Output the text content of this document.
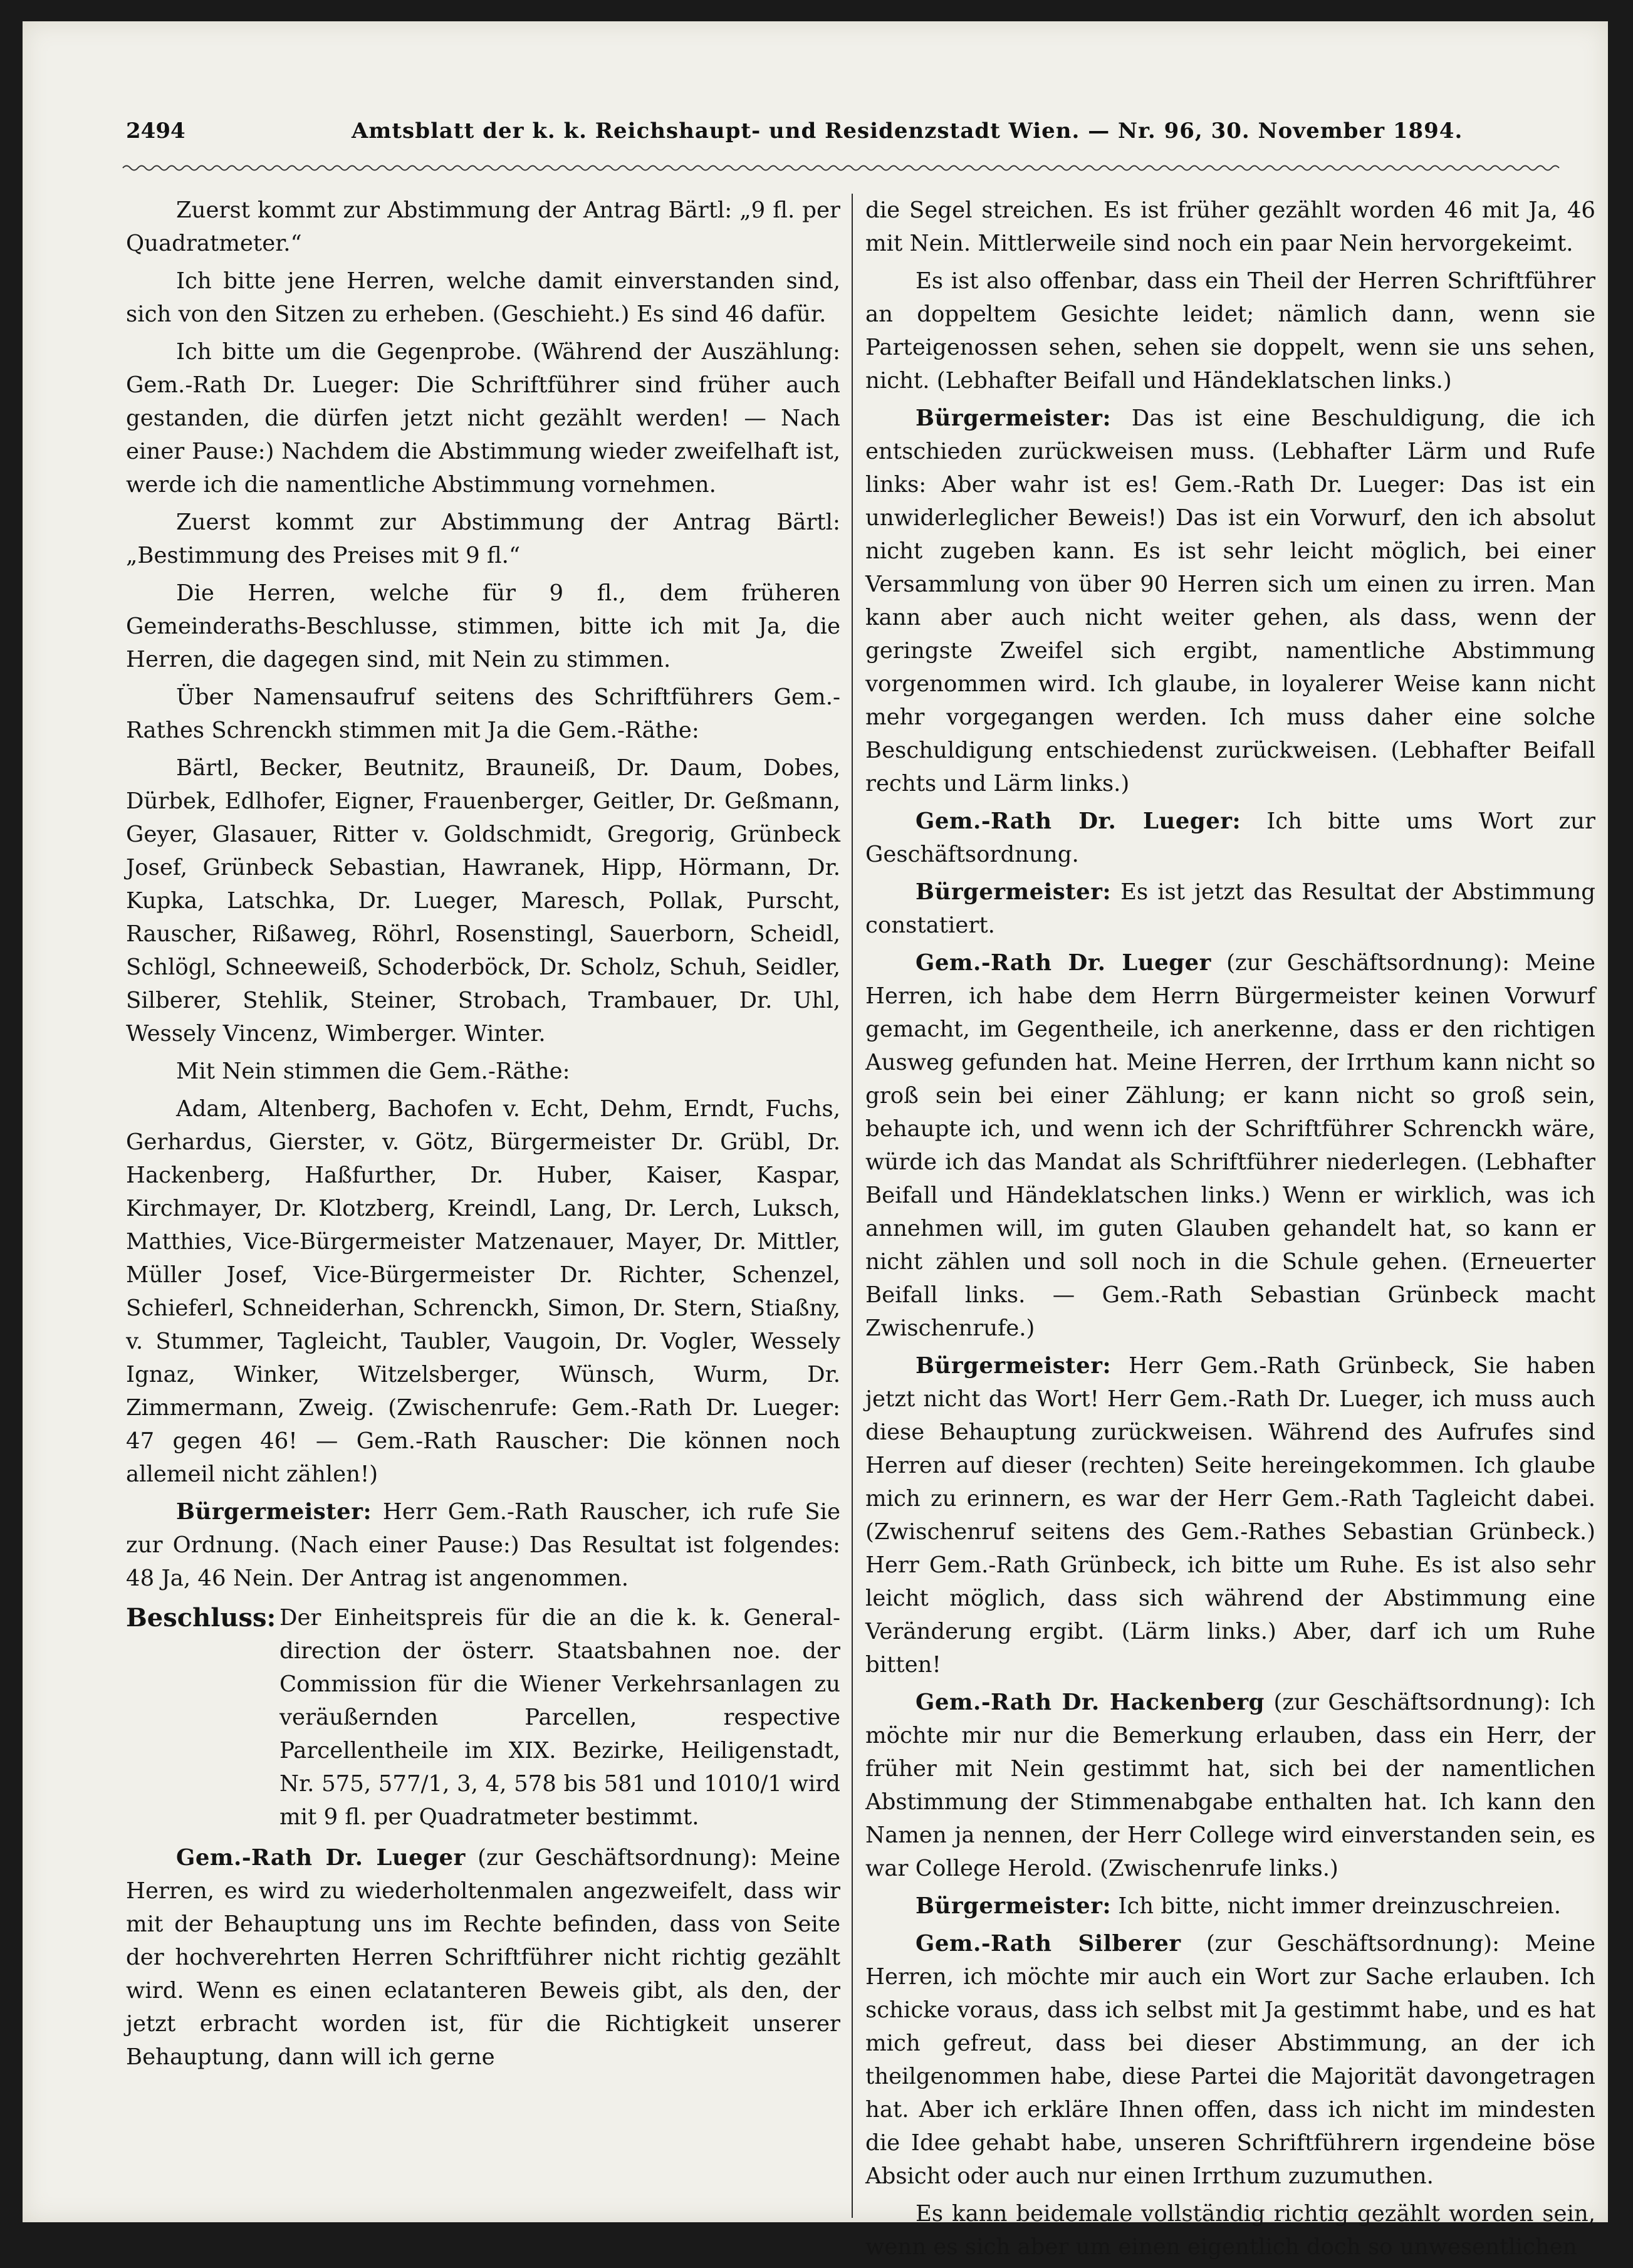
2494	Amtsblatt der k. k. Reichshaupt- und Residenzstadt Wien. — Nr. 96, 30. November 1894.

Zuerst kommt zur Abstimmung der Antrag Bärtl: „9 fl. per Quadratmeter.“

Ich bitte jene Herren, welche damit einverstanden sind, sich von den Sitzen zu erheben. (Geschieht.) Es sind 46 dafür.

Ich bitte um die Gegenprobe. (Während der Auszählung: Gem.-Rath Dr. Lueger: Die Schriftführer sind früher auch gestanden, die dürfen jetzt nicht gezählt werden! — Nach einer Pause:) Nachdem die Abstimmung wieder zweifelhaft ist, werde ich die namentliche Abstimmung vornehmen.

Zuerst kommt zur Abstimmung der Antrag Bärtl: „Bestimmung des Preises mit 9 fl.“

Die Herren, welche für 9 fl., dem früheren Gemeinderaths-Beschlusse, stimmen, bitte ich mit Ja, die Herren, die dagegen sind, mit Nein zu stimmen.

Über Namensaufruf seitens des Schriftführers Gem.-Rathes Schrenckh stimmen mit Ja die Gem.-Räthe:

Bärtl, Becker, Beutnitz, Brauneiß, Dr. Daum, Dobes, Dürbek, Edlhofer, Eigner, Frauenberger, Geitler, Dr. Geßmann, Geyer, Glasauer, Ritter v. Goldschmidt, Gregorig, Grünbeck Josef, Grünbeck Sebastian, Hawranek, Hipp, Hörmann, Dr. Kupka, Latschka, Dr. Lueger, Maresch, Pollak, Purscht, Rauscher, Rißaweg, Röhrl, Rosenstingl, Sauerborn, Scheidl, Schlögl, Schneeweiß, Schoderböck, Dr. Scholz, Schuh, Seidler, Silberer, Stehlik, Steiner, Strobach, Trambauer, Dr. Uhl, Wessely Vincenz, Wimberger. Winter.

Mit Nein stimmen die Gem.-Räthe:

Adam, Altenberg, Bachofen v. Echt, Dehm, Erndt, Fuchs, Gerhardus, Gierster, v. Götz, Bürgermeister Dr. Grübl, Dr. Hackenberg, Haßfurther, Dr. Huber, Kaiser, Kaspar, Kirchmayer, Dr. Klotzberg, Kreindl, Lang, Dr. Lerch, Luksch, Matthies, Vice-Bürgermeister Matzenauer, Mayer, Dr. Mittler, Müller Josef, Vice-Bürgermeister Dr. Richter, Schenzel, Schieferl, Schneiderhan, Schrenckh, Simon, Dr. Stern, Stiaßny, v. Stummer, Tagleicht, Taubler, Vaugoin, Dr. Vogler, Wessely Ignaz, Winker, Witzelsberger, Wünsch, Wurm, Dr. Zimmermann, Zweig. (Zwischenrufe: Gem.-Rath Dr. Lueger: 47 gegen 46! — Gem.-Rath Rauscher: Die können noch allemeil nicht zählen!)

Bürgermeister: Herr Gem.-Rath Rauscher, ich rufe Sie zur Ordnung. (Nach einer Pause:) Das Resultat ist folgendes: 48 Ja, 46 Nein. Der Antrag ist angenommen.

Beschluss: Der Einheitspreis für die an die k. k. General-direction der österr. Staatsbahnen noe. der Commission für die Wiener Verkehrsanlagen zu veräußernden Parcellen, respective Parcellentheile im XIX. Bezirke, Heiligenstadt, Nr. 575, 577/1, 3, 4, 578 bis 581 und 1010/1 wird mit 9 fl. per Quadratmeter bestimmt.

Gem.-Rath Dr. Lueger (zur Geschäftsordnung): Meine Herren, es wird zu wiederholtenmalen angezweifelt, dass wir mit der Behauptung uns im Rechte befinden, dass von Seite der hochverehrten Herren Schriftführer nicht richtig gezählt wird. Wenn es einen eclatanteren Beweis gibt, als den, der jetzt erbracht worden ist, für die Richtigkeit unserer Behauptung, dann will ich gerne

die Segel streichen. Es ist früher gezählt worden 46 mit Ja, 46 mit Nein. Mittlerweile sind noch ein paar Nein hervorgekeimt.

Es ist also offenbar, dass ein Theil der Herren Schriftführer an doppeltem Gesichte leidet; nämlich dann, wenn sie Parteigenossen sehen, sehen sie doppelt, wenn sie uns sehen, nicht. (Lebhafter Beifall und Händeklatschen links.)

Bürgermeister: Das ist eine Beschuldigung, die ich entschieden zurückweisen muss. (Lebhafter Lärm und Rufe links: Aber wahr ist es! Gem.-Rath Dr. Lueger: Das ist ein unwiderleglicher Beweis!) Das ist ein Vorwurf, den ich absolut nicht zugeben kann. Es ist sehr leicht möglich, bei einer Versammlung von über 90 Herren sich um einen zu irren. Man kann aber auch nicht weiter gehen, als dass, wenn der geringste Zweifel sich ergibt, namentliche Abstimmung vorgenommen wird. Ich glaube, in loyalerer Weise kann nicht mehr vorgegangen werden. Ich muss daher eine solche Beschuldigung entschiedenst zurückweisen. (Lebhafter Beifall rechts und Lärm links.)

Gem.-Rath Dr. Lueger: Ich bitte ums Wort zur Geschäftsordnung.

Bürgermeister: Es ist jetzt das Resultat der Abstimmung constatiert.

Gem.-Rath Dr. Lueger (zur Geschäftsordnung): Meine Herren, ich habe dem Herrn Bürgermeister keinen Vorwurf gemacht, im Gegentheile, ich anerkenne, dass er den richtigen Ausweg gefunden hat. Meine Herren, der Irrthum kann nicht so groß sein bei einer Zählung; er kann nicht so groß sein, behaupte ich, und wenn ich der Schriftführer Schrenckh wäre, würde ich das Mandat als Schriftführer niederlegen. (Lebhafter Beifall und Händeklatschen links.) Wenn er wirklich, was ich annehmen will, im guten Glauben gehandelt hat, so kann er nicht zählen und soll noch in die Schule gehen. (Erneuerter Beifall links. — Gem.-Rath Sebastian Grünbeck macht Zwischenrufe.)

Bürgermeister: Herr Gem.-Rath Grünbeck, Sie haben jetzt nicht das Wort! Herr Gem.-Rath Dr. Lueger, ich muss auch diese Behauptung zurückweisen. Während des Aufrufes sind Herren auf dieser (rechten) Seite hereingekommen. Ich glaube mich zu erinnern, es war der Herr Gem.-Rath Tagleicht dabei. (Zwischenruf seitens des Gem.-Rathes Sebastian Grünbeck.) Herr Gem.-Rath Grünbeck, ich bitte um Ruhe. Es ist also sehr leicht möglich, dass sich während der Abstimmung eine Veränderung ergibt. (Lärm links.) Aber, darf ich um Ruhe bitten!

Gem.-Rath Dr. Hackenberg (zur Geschäftsordnung): Ich möchte mir nur die Bemerkung erlauben, dass ein Herr, der früher mit Nein gestimmt hat, sich bei der namentlichen Abstimmung der Stimmenabgabe enthalten hat. Ich kann den Namen ja nennen, der Herr College wird einverstanden sein, es war College Herold. (Zwischenrufe links.)

Bürgermeister: Ich bitte, nicht immer dreinzuschreien.

Gem.-Rath Silberer (zur Geschäftsordnung): Meine Herren, ich möchte mir auch ein Wort zur Sache erlauben. Ich schicke voraus, dass ich selbst mit Ja gestimmt habe, und es hat mich gefreut, dass bei dieser Abstimmung, an der ich theilgenommen habe, diese Partei die Majorität davongetragen hat. Aber ich erkläre Ihnen offen, dass ich nicht im mindesten die Idee gehabt habe, unseren Schriftführern irgendeine böse Absicht oder auch nur einen Irrthum zuzumuthen.

Es kann beidemale vollständig richtig gezählt worden sein, wenn es sich aber um einen eigentlich doch so unwesentlichen
